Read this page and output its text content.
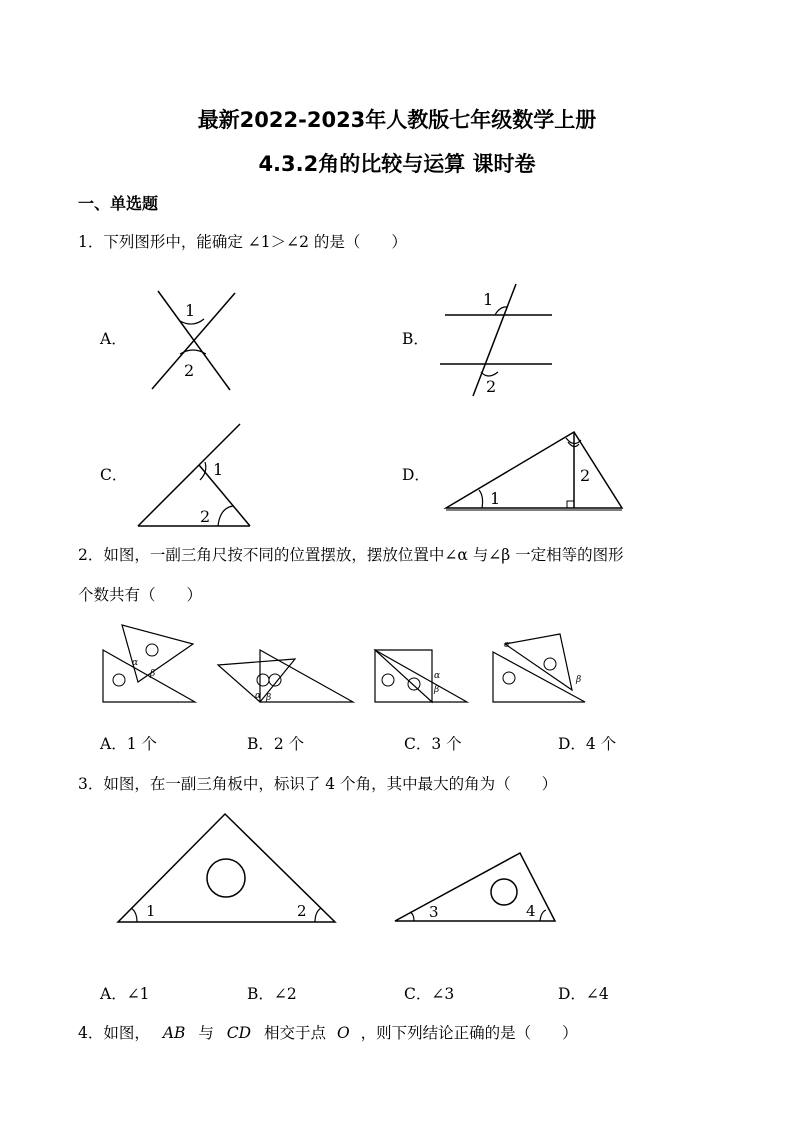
最新2022-2023年人教版七年级数学上册
4.3.2角的比较与运算 课时卷
一、单选题
1．下列图形中，能确定 ∠1＞∠2 的是（　　）
A．
1
2
B．
1
2
C．	1
2
D．
1
2
2．如图，一副三角尺按不同的位置摆放，摆放位置中∠α 与∠β 一定相等的图形
个数共有（　　）
α
β
α β
α
β
α
β
A．1 个	B．2 个	C．3 个	D．4 个
3．如图，在一副三角板中，标识了 4 个角，其中最大的角为（　　）
1	2	3	4
A．∠1	B．∠2	C．∠3	D．∠4
4．如图， AB 与 CD 相交于点 O ，则下列结论正确的是（　　）
